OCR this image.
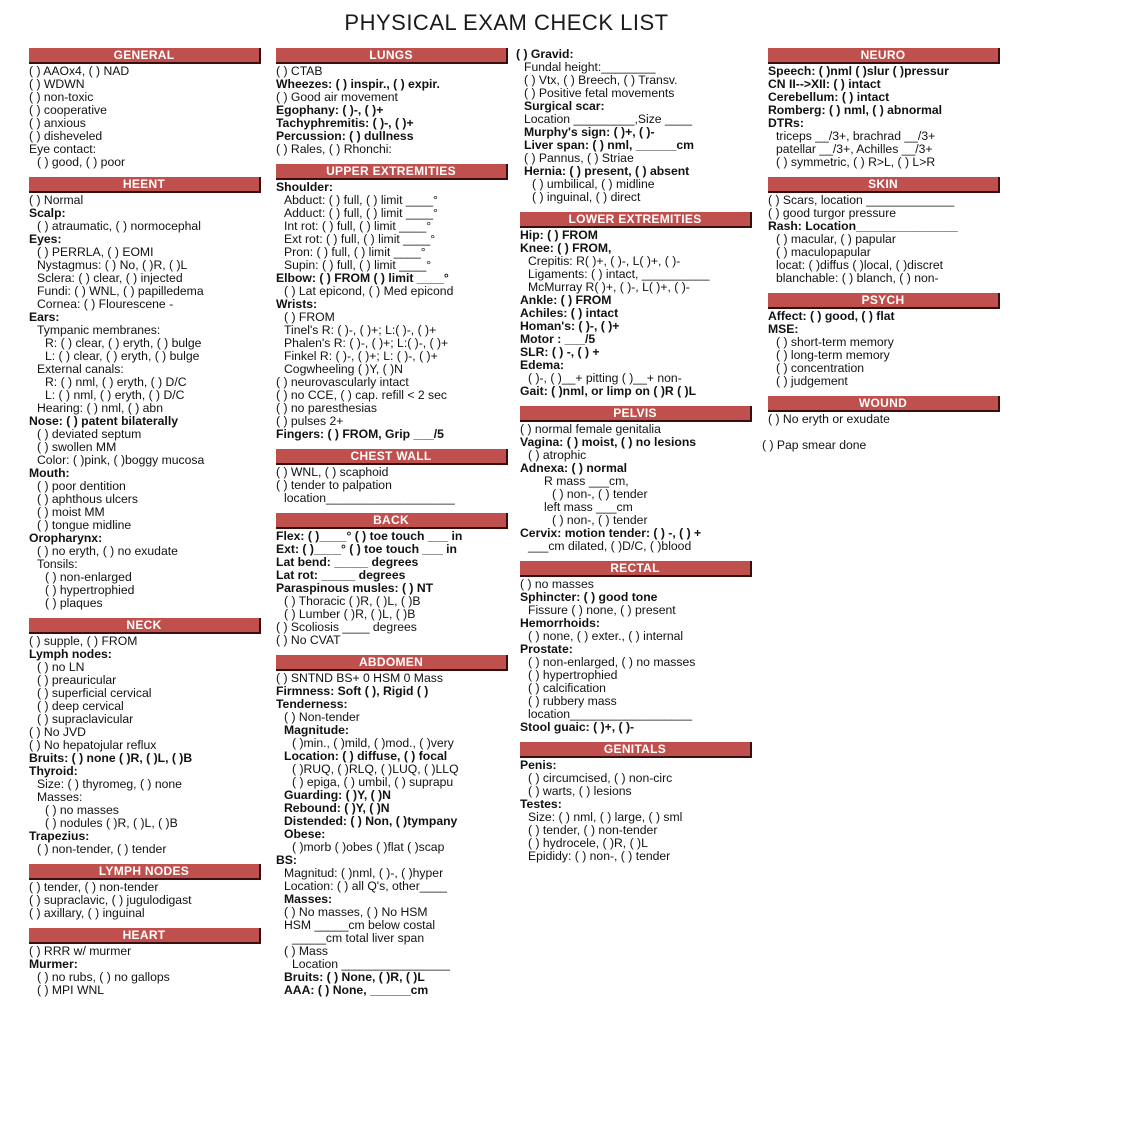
PHYSICAL EXAM CHECK LIST
GENERAL
( ) AAOx4, ( ) NAD
( ) WDWN
( ) non-toxic
( ) cooperative
( ) anxious
( ) disheveled
Eye contact:
( ) good, ( ) poor
HEENT
( ) Normal
Scalp:
( ) atraumatic, ( ) normocephal
Eyes:
( ) PERRLA, ( ) EOMI
Nystagmus: ( ) No, ( )R, ( )L
Sclera: ( ) clear, ( ) injected
Fundi: ( ) WNL, ( ) papilledema
Cornea: ( ) Flourescene -
Ears:
Tympanic membranes:
R: ( ) clear, ( ) eryth, ( ) bulge
L: ( ) clear, ( ) eryth, ( ) bulge
External canals:
R: ( ) nml, ( ) eryth, ( ) D/C
L: ( ) nml, ( ) eryth, ( ) D/C
Hearing: ( ) nml, ( ) abn
Nose: ( ) patent bilaterally
( ) deviated septum
( ) swollen MM
Color: ( )pink, ( )boggy mucosa
Mouth:
( ) poor dentition
( ) aphthous ulcers
( ) moist MM
( ) tongue midline
Oropharynx:
( ) no eryth, ( ) no exudate
Tonsils:
( ) non-enlarged
( ) hypertrophied
( ) plaques
NECK
( ) supple, ( ) FROM
Lymph nodes:
( ) no LN
( ) preauricular
( ) superficial cervical
( ) deep cervical
( ) supraclavicular
( ) No JVD
( ) No hepatojular reflux
Bruits: ( ) none ( )R, ( )L, ( )B
Thyroid:
Size: ( ) thyromeg, ( ) none
Masses:
( ) no masses
( ) nodules ( )R, ( )L, ( )B
Trapezius:
( ) non-tender, ( ) tender
LYMPH NODES
( ) tender, ( ) non-tender
( ) supraclavic, ( ) jugulodigast
( ) axillary, ( ) inguinal
HEART
( ) RRR w/ murmer
Murmer:
( ) no rubs, ( ) no gallops
( ) MPI WNL
LUNGS
( ) CTAB
Wheezes: ( ) inspir., ( ) expir.
( ) Good air movement
Egophany: ( )-, ( )+
Tachyphremitis: ( )-, ( )+
Percussion: ( ) dullness
( ) Rales, ( ) Rhonchi:
UPPER EXTREMITIES
Shoulder:
Abduct: ( ) full, ( ) limit ____°
Adduct: ( ) full, ( ) limit ____°
Int rot: ( ) full, ( ) limit ____°
Ext rot: ( ) full, ( ) limit ____°
Pron: ( ) full, ( ) limit ____°
Supin: ( ) full, ( ) limit ____°
Elbow: ( ) FROM ( ) limit ____°
( ) Lat epicond, ( ) Med epicond
Wrists:
( ) FROM
Tinel's R: ( )-, ( )+; L:( )-, ( )+
Phalen's R: ( )-, ( )+; L:( )-, ( )+
Finkel R: ( )-, ( )+; L: ( )-, ( )+
Cogwheeling ( )Y, ( )N
( ) neurovascularly intact
( ) no CCE, ( ) cap. refill < 2 sec
( ) no paresthesias
( ) pulses 2+
Fingers: ( ) FROM, Grip ___/5
CHEST WALL
( ) WNL, ( ) scaphoid
( ) tender to palpation
location___________________
BACK
Flex: ( )____° ( ) toe touch ___ in
Ext: ( )____° ( ) toe touch ___ in
Lat bend: _____ degrees
Lat rot: _____ degrees
Paraspinous musles: ( ) NT
( ) Thoracic ( )R, ( )L, ( )B
( ) Lumber ( )R, ( )L, ( )B
( ) Scoliosis ____ degrees
( ) No CVAT
ABDOMEN
( ) SNTND BS+ 0 HSM 0 Mass
Firmness: Soft ( ), Rigid ( )
Tenderness:
( ) Non-tender
Magnitude:
( )min., ( )mild, ( )mod., ( )very
Location: ( ) diffuse, ( ) focal
( )RUQ, ( )RLQ, ( )LUQ, ( )LLQ
( ) epiga, ( ) umbil, ( ) suprapu
Guarding: ( )Y, ( )N
Rebound: ( )Y, ( )N
Distended: ( ) Non, ( )tympany
Obese:
( )morb ( )obes ( )flat ( )scap
BS:
Magnitud: ( )nml, ( )-, ( )hyper
Location: ( ) all Q's, other____
Masses:
( ) No masses, ( ) No HSM
HSM _____cm below costal
_____cm total liver span
( ) Mass
Location ________________
Bruits: ( ) None, ( )R, ( )L
AAA: ( ) None, ______cm
( ) Gravid:
Fundal height:________
( ) Vtx, ( ) Breech, ( ) Transv.
( ) Positive fetal movements
Surgical scar:
Location _________,Size ____
Murphy's sign: ( )+, ( )-
Liver span: ( ) nml, ______cm
( ) Pannus, ( ) Striae
Hernia: ( ) present, ( ) absent
( ) umbilical, ( ) midline
( ) inguinal, ( ) direct
LOWER EXTREMITIES
Hip: ( ) FROM
Knee: ( ) FROM,
Crepitis: R( )+, ( )-, L( )+, ( )-
Ligaments: ( ) intact, __________
McMurray R( )+, ( )-, L( )+, ( )-
Ankle: ( ) FROM
Achiles: ( ) intact
Homan's: ( )-, ( )+
Motor : ___/5
SLR: ( ) -, ( ) +
Edema:
( )-, ( )__+ pitting ( )__+ non-
Gait: ( )nml, or limp on ( )R ( )L
PELVIS
( ) normal female genitalia
Vagina: ( ) moist, ( ) no lesions
( ) atrophic
Adnexa: ( ) normal
R mass ___cm,
( ) non-, ( ) tender
left mass ___cm
( ) non-, ( ) tender
Cervix: motion tender: ( ) -, ( ) +
___cm dilated, ( )D/C, ( )blood
RECTAL
( ) no masses
Sphincter: ( ) good tone
Fissure ( ) none, ( ) present
Hemorrhoids:
( ) none, ( ) exter., ( ) internal
Prostate:
( ) non-enlarged, ( ) no masses
( ) hypertrophied
( ) calcification
( ) rubbery mass
location__________________
Stool guaic: ( )+, ( )-
GENITALS
Penis:
( ) circumcised, ( ) non-circ
( ) warts, ( ) lesions
Testes:
Size: ( ) nml, ( ) large, ( ) sml
( ) tender, ( ) non-tender
( ) hydrocele, ( )R, ( )L
Epididy: ( ) non-, ( ) tender
NEURO
Speech: ( )nml ( )slur ( )pressur
CN II-->XII: ( ) intact
Cerebellum: ( ) intact
Romberg: ( ) nml, ( ) abnormal
DTRs:
triceps __/3+, brachrad __/3+
patellar __/3+, Achilles __/3+
( ) symmetric, ( ) R>L, ( ) L>R
SKIN
( ) Scars, location _____________
( ) good turgor pressure
Rash: Location_______________
( ) macular, ( ) papular
( ) maculopapular
locat: ( )diffus ( )local, ( )discret
blanchable: ( ) blanch, ( ) non-
PSYCH
Affect: ( ) good, ( ) flat
MSE:
( ) short-term memory
( ) long-term memory
( ) concentration
( ) judgement
WOUND
( ) No eryth or exudate
( ) Pap smear done
